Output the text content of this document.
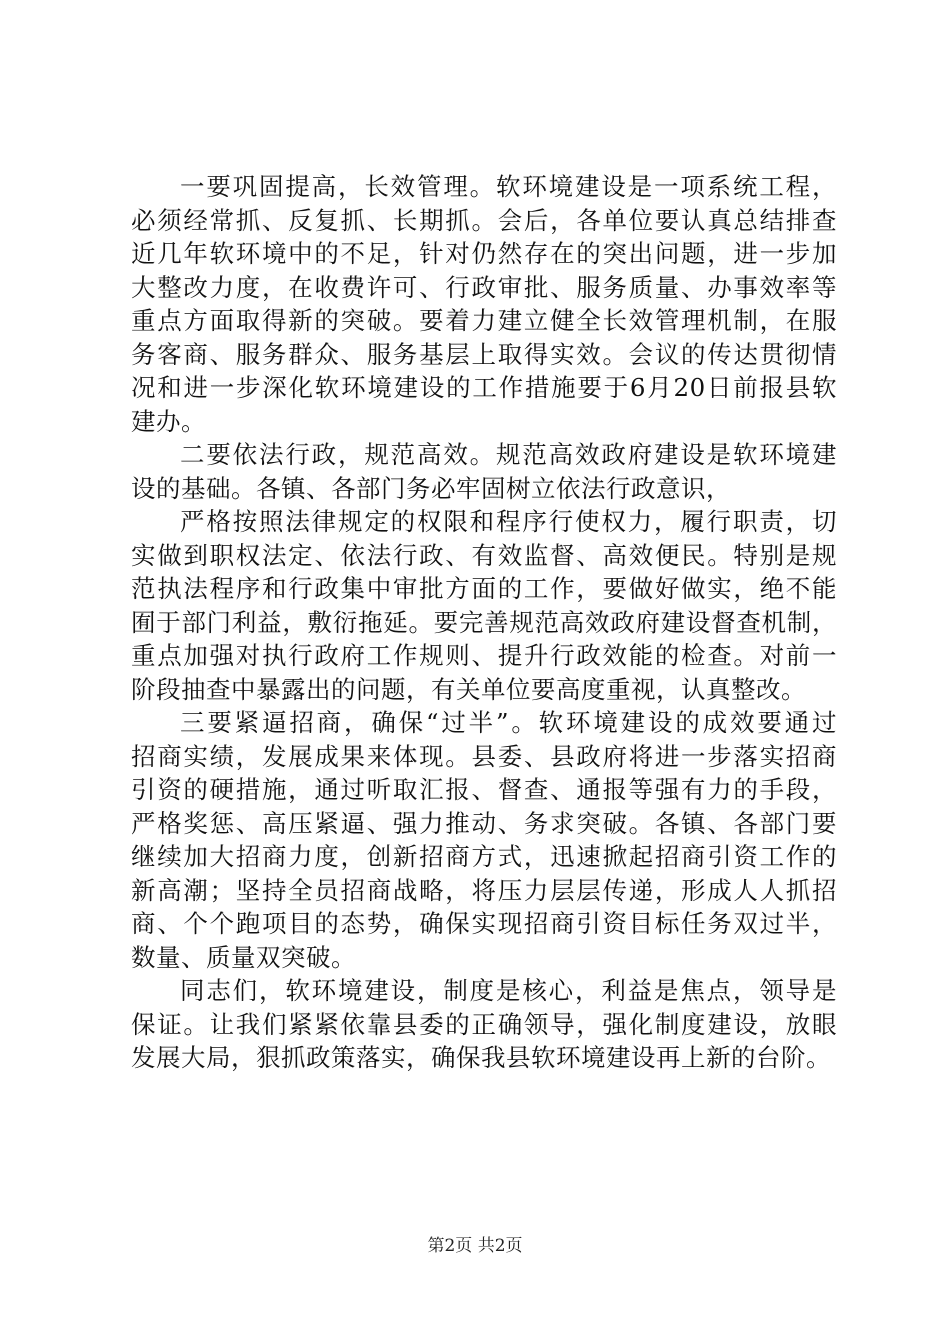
一要巩固提高，长效管理。软环境建设是一项系统工程，
必须经常抓、反复抓、长期抓。会后，各单位要认真总结排查
近几年软环境中的不足，针对仍然存在的突出问题，进一步加
大整改力度，在收费许可、行政审批、服务质量、办事效率等
重点方面取得新的突破。要着力建立健全长效管理机制，在服
务客商、服务群众、服务基层上取得实效。会议的传达贯彻情
况和进一步深化软环境建设的工作措施要于6月20日前报县软
建办。
二要依法行政，规范高效。规范高效政府建设是软环境建
设的基础。各镇、各部门务必牢固树立依法行政意识，
严格按照法律规定的权限和程序行使权力，履行职责，切
实做到职权法定、依法行政、有效监督、高效便民。特别是规
范执法程序和行政集中审批方面的工作，要做好做实，绝不能
囿于部门利益，敷衍拖延。要完善规范高效政府建设督查机制，
重点加强对执行政府工作规则、提升行政效能的检查。对前一
阶段抽查中暴露出的问题，有关单位要高度重视，认真整改。
三要紧逼招商，确保“过半”。软环境建设的成效要通过
招商实绩，发展成果来体现。县委、县政府将进一步落实招商
引资的硬措施，通过听取汇报、督查、通报等强有力的手段，
严格奖惩、高压紧逼、强力推动、务求突破。各镇、各部门要
继续加大招商力度，创新招商方式，迅速掀起招商引资工作的
新高潮；坚持全员招商战略，将压力层层传递，形成人人抓招
商、个个跑项目的态势，确保实现招商引资目标任务双过半，
数量、质量双突破。
同志们，软环境建设，制度是核心，利益是焦点，领导是
保证。让我们紧紧依靠县委的正确领导，强化制度建设，放眼
发展大局，狠抓政策落实，确保我县软环境建设再上新的台阶。
第2页 共2页
